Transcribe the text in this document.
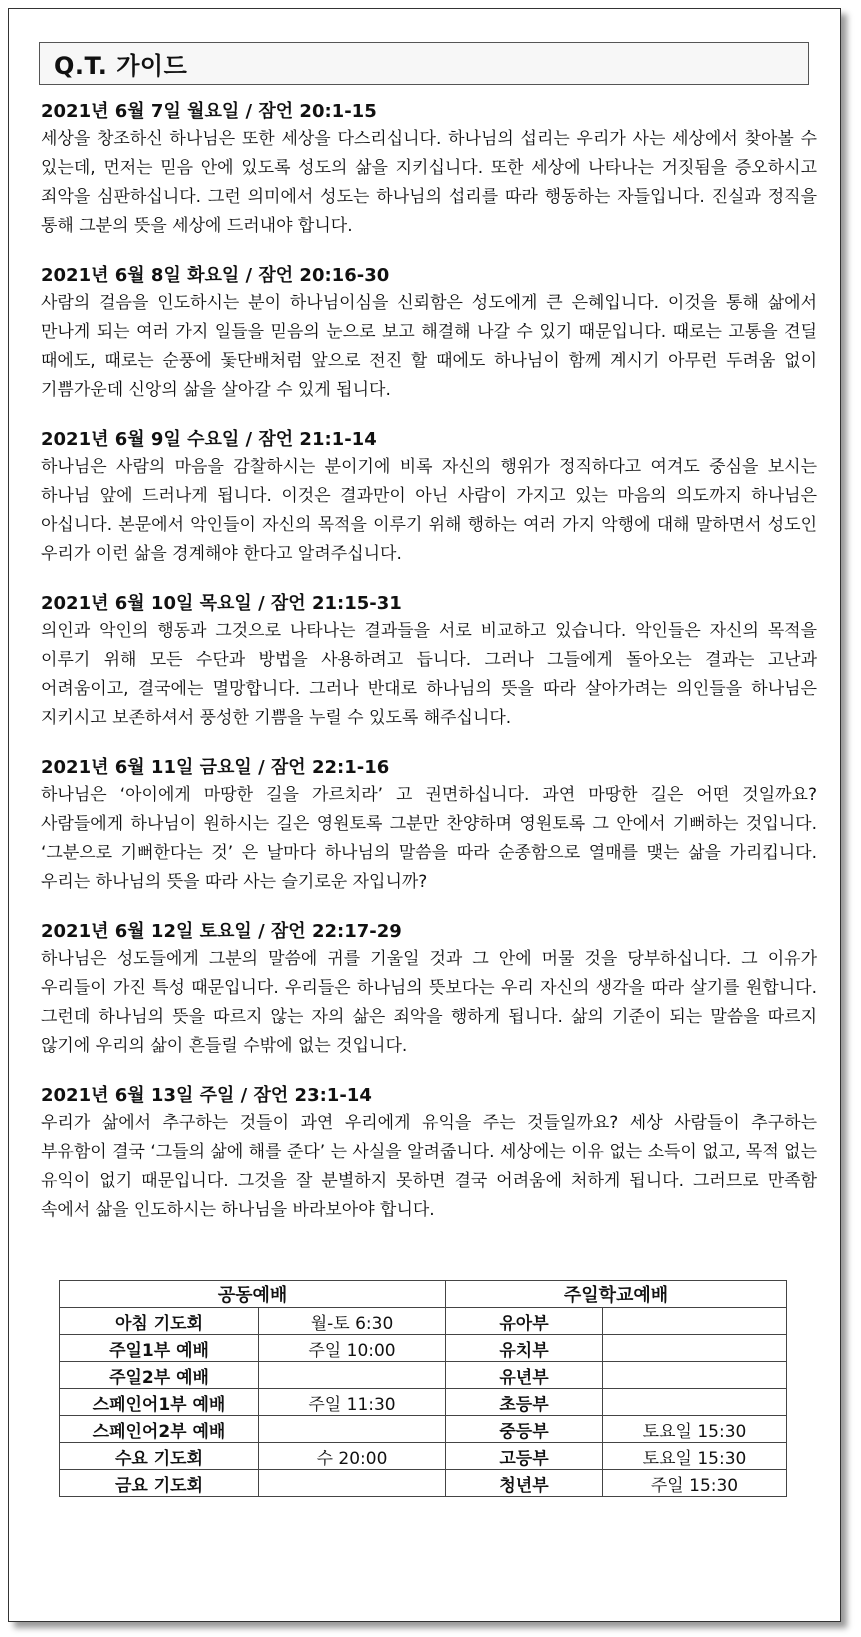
Q.T. 가이드
2021년 6월 7일 월요일 / 잠언 20:1-15
세상을 창조하신 하나님은 또한 세상을 다스리십니다. 하나님의 섭리는 우리가 사는 세상에서 찾아볼 수 있는데, 먼저는 믿음 안에 있도록 성도의 삶을 지키십니다. 또한 세상에 나타나는 거짓됨을 증오하시고 죄악을 심판하십니다. 그런 의미에서 성도는 하나님의 섭리를 따라 행동하는 자들입니다. 진실과 정직을 통해 그분의 뜻을 세상에 드러내야 합니다.
2021년 6월 8일 화요일 / 잠언 20:16-30
사람의 걸음을 인도하시는 분이 하나님이심을 신뢰함은 성도에게 큰 은혜입니다. 이것을 통해 삶에서 만나게 되는 여러 가지 일들을 믿음의 눈으로 보고 해결해 나갈 수 있기 때문입니다. 때로는 고통을 견딜 때에도, 때로는 순풍에 돛단배처럼 앞으로 전진 할 때에도 하나님이 함께 계시기 아무런 두려움 없이 기쁨가운데 신앙의 삶을 살아갈 수 있게 됩니다.
2021년 6월 9일 수요일 / 잠언 21:1-14
하나님은 사람의 마음을 감찰하시는 분이기에 비록 자신의 행위가 정직하다고 여겨도 중심을 보시는 하나님 앞에 드러나게 됩니다. 이것은 결과만이 아닌 사람이 가지고 있는 마음의 의도까지 하나님은 아십니다. 본문에서 악인들이 자신의 목적을 이루기 위해 행하는 여러 가지 악행에 대해 말하면서 성도인 우리가 이런 삶을 경계해야 한다고 알려주십니다.
2021년 6월 10일 목요일 / 잠언 21:15-31
의인과 악인의 행동과 그것으로 나타나는 결과들을 서로 비교하고 있습니다. 악인들은 자신의 목적을 이루기 위해 모든 수단과 방법을 사용하려고 듭니다. 그러나 그들에게 돌아오는 결과는 고난과 어려움이고, 결국에는 멸망합니다. 그러나 반대로 하나님의 뜻을 따라 살아가려는 의인들을 하나님은 지키시고 보존하셔서 풍성한 기쁨을 누릴 수 있도록 해주십니다.
2021년 6월 11일 금요일 / 잠언 22:1-16
하나님은 ‘아이에게 마땅한 길을 가르치라’ 고 권면하십니다. 과연 마땅한 길은 어떤 것일까요? 사람들에게 하나님이 원하시는 길은 영원토록 그분만 찬양하며 영원토록 그 안에서 기뻐하는 것입니다. ‘그분으로 기뻐한다는 것’ 은 날마다 하나님의 말씀을 따라 순종함으로 열매를 맺는 삶을 가리킵니다. 우리는 하나님의 뜻을 따라 사는 슬기로운 자입니까?
2021년 6월 12일 토요일 / 잠언 22:17-29
하나님은 성도들에게 그분의 말씀에 귀를 기울일 것과 그 안에 머물 것을 당부하십니다. 그 이유가 우리들이 가진 특성 때문입니다. 우리들은 하나님의 뜻보다는 우리 자신의 생각을 따라 살기를 원합니다. 그런데 하나님의 뜻을 따르지 않는 자의 삶은 죄악을 행하게 됩니다. 삶의 기준이 되는 말씀을 따르지 않기에 우리의 삶이 흔들릴 수밖에 없는 것입니다.
2021년 6월 13일 주일 / 잠언 23:1-14
우리가 삶에서 추구하는 것들이 과연 우리에게 유익을 주는 것들일까요? 세상 사람들이 추구하는 부유함이 결국 ‘그들의 삶에 해를 준다’ 는 사실을 알려줍니다. 세상에는 이유 없는 소득이 없고, 목적 없는 유익이 없기 때문입니다. 그것을 잘 분별하지 못하면 결국 어려움에 처하게 됩니다. 그러므로 만족함 속에서 삶을 인도하시는 하나님을 바라보아야 합니다.
공동예배		주일학교예배	
아침 기도회	월-토 6:30	유아부	
주일1부 예배	주일 10:00	유치부	
주일2부 예배		유년부	
스페인어1부 예배	주일 11:30	초등부	
스페인어2부 예배		중등부	토요일 15:30
수요 기도회	수 20:00	고등부	토요일 15:30
금요 기도회		청년부	주일 15:30
